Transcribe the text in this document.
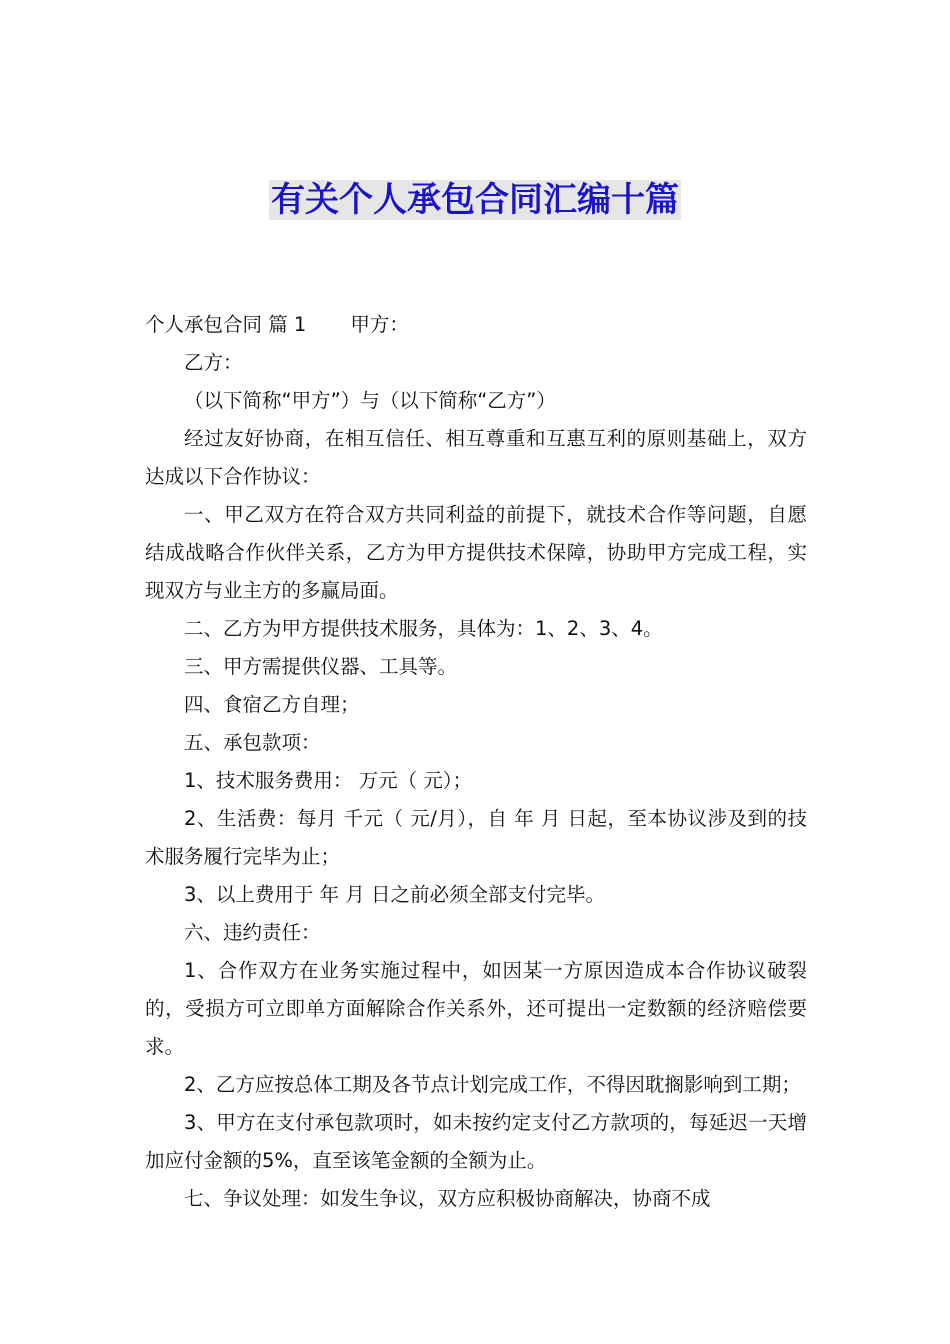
有关个人承包合同汇编十篇

个人承包合同 篇 1 甲方：

乙方：

（以下简称“甲方”）与（以下简称“乙方”）

经过友好协商，在相互信任、相互尊重和互惠互利的原则基础上，双方达成以下合作协议：

一、甲乙双方在符合双方共同利益的前提下，就技术合作等问题，自愿结成战略合作伙伴关系，乙方为甲方提供技术保障，协助甲方完成工程，实现双方与业主方的多赢局面。

二、乙方为甲方提供技术服务，具体为：1、2、3、4。

三、甲方需提供仪器、工具等。

四、食宿乙方自理；

五、承包款项：

1、技术服务费用： 万元（ 元）；

2、生活费：每月 千元（ 元/月），自 年 月 日起，至本协议涉及到的技术服务履行完毕为止；

3、以上费用于 年 月 日之前必须全部支付完毕。

六、违约责任：

1、合作双方在业务实施过程中，如因某一方原因造成本合作协议破裂的，受损方可立即单方面解除合作关系外，还可提出一定数额的经济赔偿要求。

2、乙方应按总体工期及各节点计划完成工作，不得因耽搁影响到工期；

3、甲方在支付承包款项时，如未按约定支付乙方款项的，每延迟一天增加应付金额的5%，直至该笔金额的全额为止。

七、争议处理：如发生争议，双方应积极协商解决，协商不成
